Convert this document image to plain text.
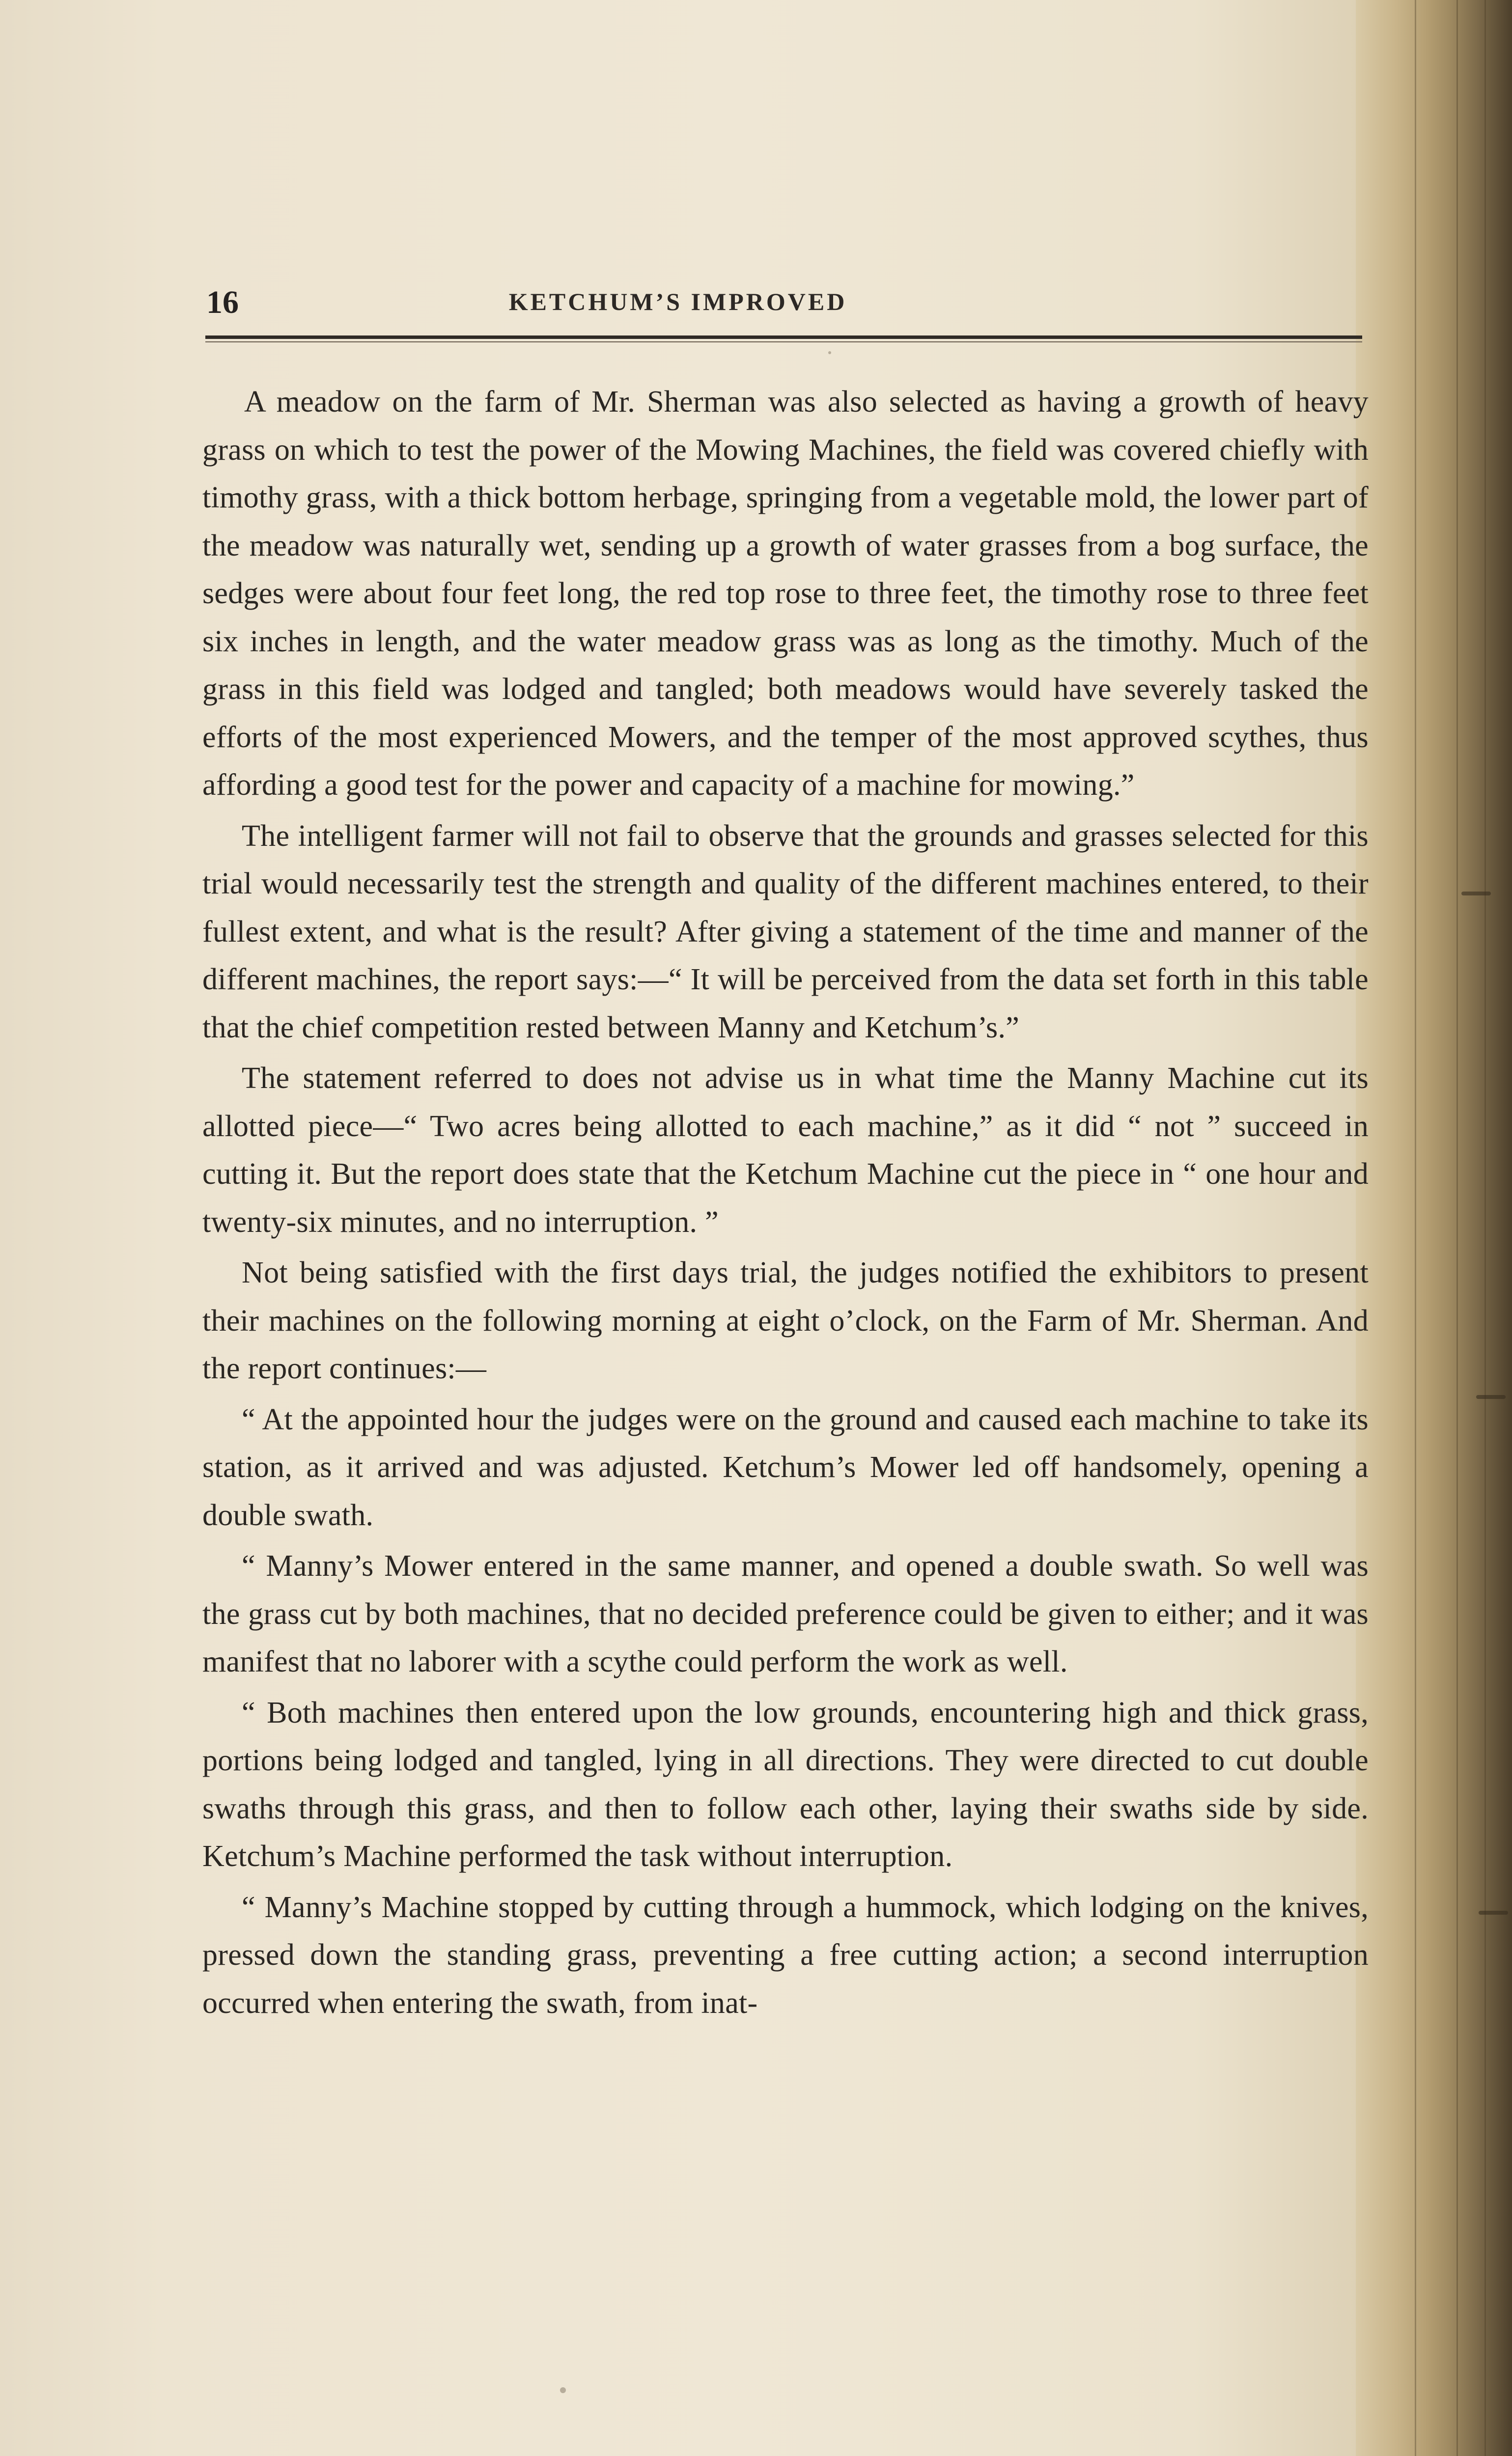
16	KETCHUM’S IMPROVED

A meadow on the farm of Mr. Sherman was also selected as having a growth of heavy grass on which to test the power of the Mowing Machines, the field was covered chiefly with timothy grass, with a thick bottom herbage, springing from a vegetable mold, the lower part of the meadow was naturally wet, sending up a growth of water grasses from a bog surface, the sedges were about four feet long, the red top rose to three feet, the timothy rose to three feet six inches in length, and the water meadow grass was as long as the timothy. Much of the grass in this field was lodged and tangled; both meadows would have severely tasked the efforts of the most experienced Mowers, and the temper of the most approved scythes, thus affording a good test for the power and capacity of a machine for mowing.”

The intelligent farmer will not fail to observe that the grounds and grasses selected for this trial would necessarily test the strength and quality of the different machines entered, to their fullest extent, and what is the result? After giving a statement of the time and manner of the different machines, the report says:—“ It will be perceived from the data set forth in this table that the chief competition rested between Manny and Ketchum’s.”

The statement referred to does not advise us in what time the Manny Machine cut its allotted piece—“ Two acres being allotted to each machine,” as it did “ not ” succeed in cutting it. But the report does state that the Ketchum Machine cut the piece in “ one hour and twenty-six minutes, and no interruption. ”

Not being satisfied with the first days trial, the judges notified the exhibitors to present their machines on the following morning at eight o’clock, on the Farm of Mr. Sherman. And the report continues:—

“ At the appointed hour the judges were on the ground and caused each machine to take its station, as it arrived and was adjusted. Ketchum’s Mower led off handsomely, opening a double swath.

“ Manny’s Mower entered in the same manner, and opened a double swath. So well was the grass cut by both machines, that no decided preference could be given to either; and it was manifest that no laborer with a scythe could perform the work as well.

“ Both machines then entered upon the low grounds, encountering high and thick grass, portions being lodged and tangled, lying in all directions. They were directed to cut double swaths through this grass, and then to follow each other, laying their swaths side by side. Ketchum’s Machine performed the task without interruption.

“ Manny’s Machine stopped by cutting through a hummock, which lodging on the knives, pressed down the standing grass, preventing a free cutting action; a second interruption occurred when entering the swath, from inat-
